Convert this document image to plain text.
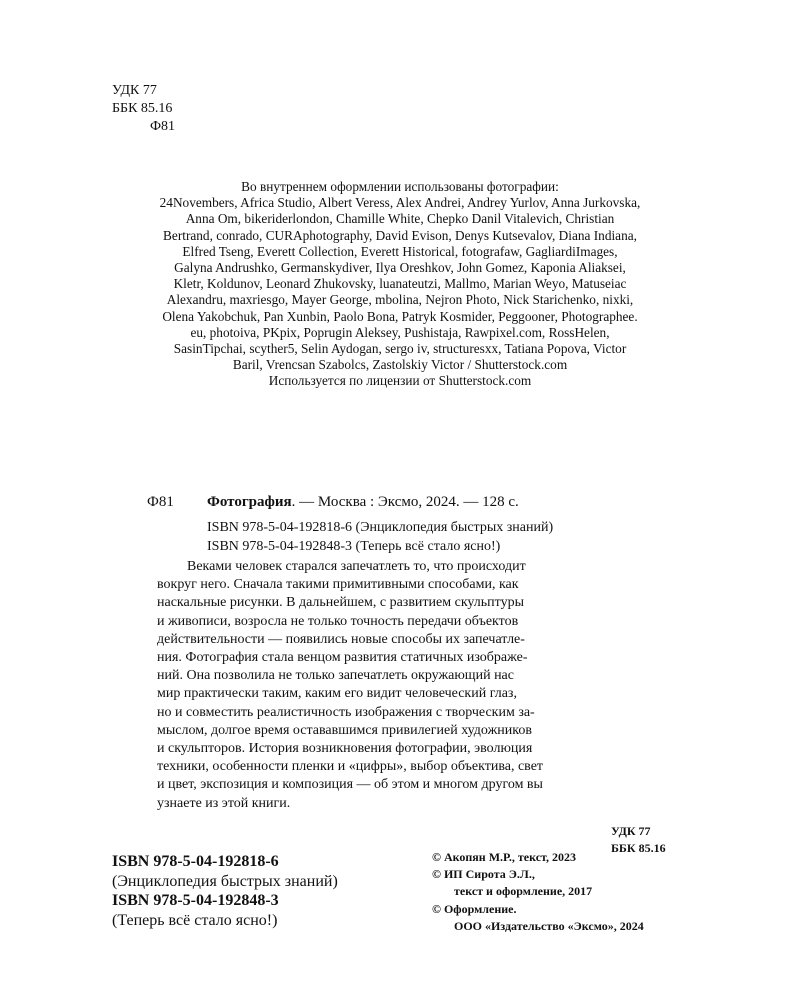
УДК 77
ББК 85.16
Ф81
Во внутреннем оформлении использованы фотографии:
24Novembers, Africa Studio, Albert Veress, Alex Andrei, Andrey Yurlov, Anna Jurkovska,
Anna Om, bikeriderlondon, Chamille White, Chepko Danil Vitalevich, Christian
Bertrand, conrado, CURAphotography, David Evison, Denys Kutsevalov, Diana Indiana,
Elfred Tseng, Everett Collection, Everett Historical, fotografaw, GagliardiImages,
Galyna Andrushko, Germanskydiver, Ilya Oreshkov, John Gomez, Kaponia Aliaksei,
Kletr, Koldunov, Leonard Zhukovsky, luanateutzi, Mallmo, Marian Weyo, Matuseiac
Alexandru, maxriesgo, Mayer George, mbolina, Nejron Photo, Nick Starichenko, nixki,
Olena Yakobchuk, Pan Xunbin, Paolo Bona, Patryk Kosmider, Peggooner, Photographee.
eu, photoiva, PKpix, Poprugin Aleksey, Pushistaja, Rawpixel.com, RossHelen,
SasinTipchai, scyther5, Selin Aydogan, sergo iv, structuresxx, Tatiana Popova, Victor
Baril, Vrencsan Szabolcs, Zastolskiy Victor / Shutterstock.com
Используется по лицензии от Shutterstock.com
Ф81 Фотография. — Москва : Эксмо, 2024. — 128 с.
ISBN 978-5-04-192818-6 (Энциклопедия быстрых знаний)
ISBN 978-5-04-192848-3 (Теперь всё стало ясно!)
Веками человек старался запечатлеть то, что происходит
вокруг него. Сначала такими примитивными способами, как
наскальные рисунки. В дальнейшем, с развитием скульптуры
и живописи, возросла не только точность передачи объектов
действительности — появились новые способы их запечатле-
ния. Фотография стала венцом развития статичных изображе-
ний. Она позволила не только запечатлеть окружающий нас
мир практически таким, каким его видит человеческий глаз,
но и совместить реалистичность изображения с творческим за-
мыслом, долгое время остававшимся привилегией художников
и скульпторов. История возникновения фотографии, эволюция
техники, особенности пленки и «цифры», выбор объектива, свет
и цвет, экспозиция и композиция — об этом и многом другом вы
узнаете из этой книги.
УДК 77
ББК 85.16
ISBN 978-5-04-192818-6
(Энциклопедия быстрых знаний)
ISBN 978-5-04-192848-3
(Теперь всё стало ясно!)
© Акопян М.Р., текст, 2023
© ИП Сирота Э.Л.,
текст и оформление, 2017
© Оформление.
ООО «Издательство «Эксмо», 2024
